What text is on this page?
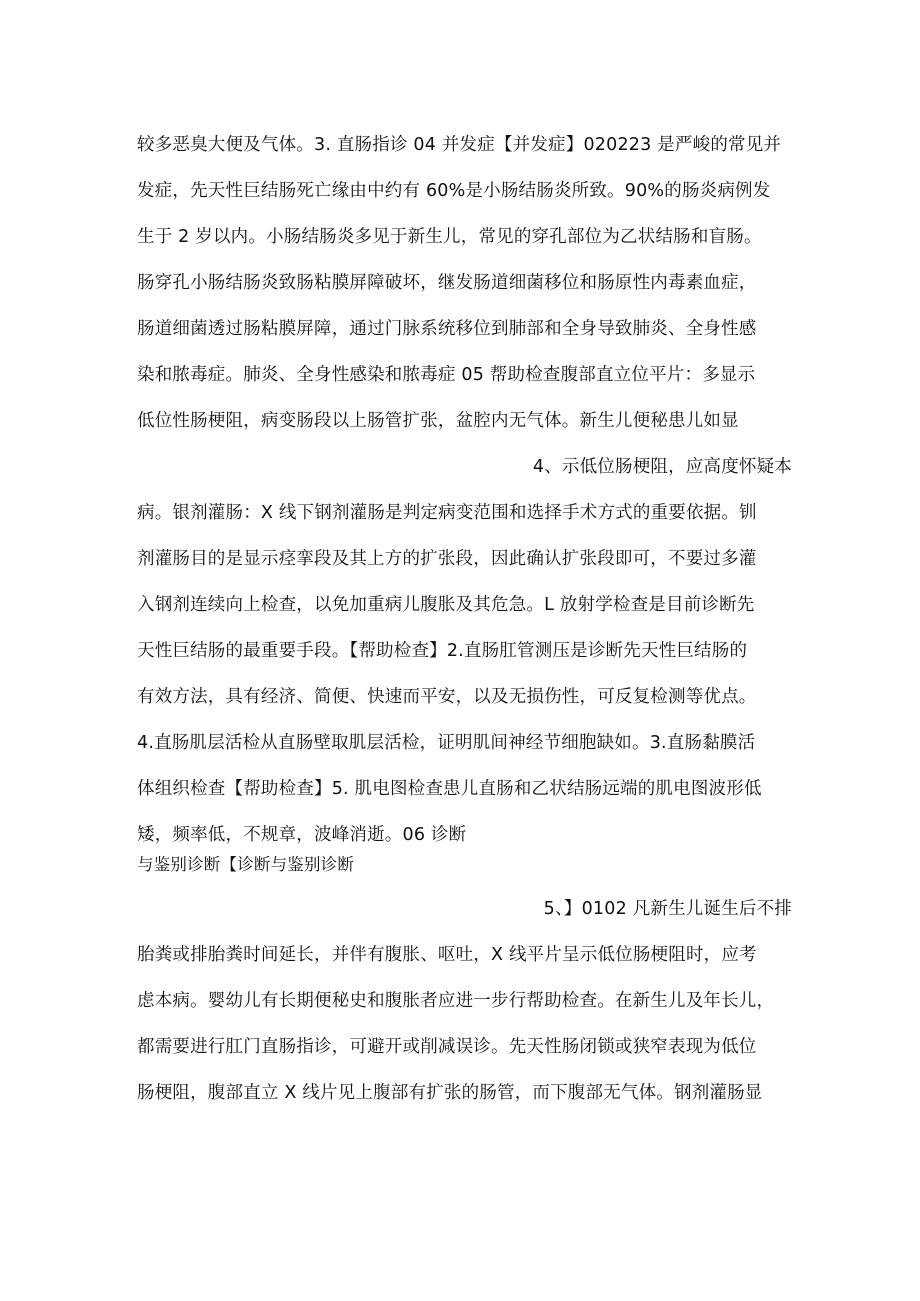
较多恶臭大便及气体。3. 直肠指诊 04 并发症【并发症】020223 是严峻的常见并
发症，先天性巨结肠死亡缘由中约有 60%是小肠结肠炎所致。90%的肠炎病例发
生于 2 岁以内。小肠结肠炎多见于新生儿，常见的穿孔部位为乙状结肠和盲肠。
肠穿孔小肠结肠炎致肠粘膜屏障破坏，继发肠道细菌移位和肠原性内毒素血症，
肠道细菌透过肠粘膜屏障，通过门脉系统移位到肺部和全身导致肺炎、全身性感
染和脓毒症。肺炎、全身性感染和脓毒症 05 帮助检查腹部直立位平片：多显示
低位性肠梗阻，病变肠段以上肠管扩张，盆腔内无气体。新生儿便秘患儿如显
4、示低位肠梗阻，应高度怀疑本
病。银剂灌肠：X 线下钢剂灌肠是判定病变范围和选择手术方式的重要依据。钏
剂灌肠目的是显示痉挛段及其上方的扩张段，因此确认扩张段即可，不要过多灌
入钢剂连续向上检查，以免加重病儿腹胀及其危急。L 放射学检查是目前诊断先
天性巨结肠的最重要手段。【帮助检查】2.直肠肛管测压是诊断先天性巨结肠的
有效方法，具有经济、简便、快速而平安，以及无损伤性，可反复检测等优点。
4.直肠肌层活检从直肠壁取肌层活检，证明肌间神经节细胞缺如。3.直肠黏膜活
体组织检查【帮助检查】5. 肌电图检查患儿直肠和乙状结肠远端的肌电图波形低
矮，频率低，不规章，波峰消逝。06 诊断
与鉴别诊断【诊断与鉴别诊断
5、】0102 凡新生儿诞生后不排
胎粪或排胎粪时间延长，并伴有腹胀、呕吐，X 线平片呈示低位肠梗阻时，应考
虑本病。婴幼儿有长期便秘史和腹胀者应进一步行帮助检查。在新生儿及年长儿，
都需要进行肛门直肠指诊，可避开或削减误诊。先天性肠闭锁或狭窄表现为低位
肠梗阻，腹部直立 X 线片见上腹部有扩张的肠管，而下腹部无气体。钢剂灌肠显
